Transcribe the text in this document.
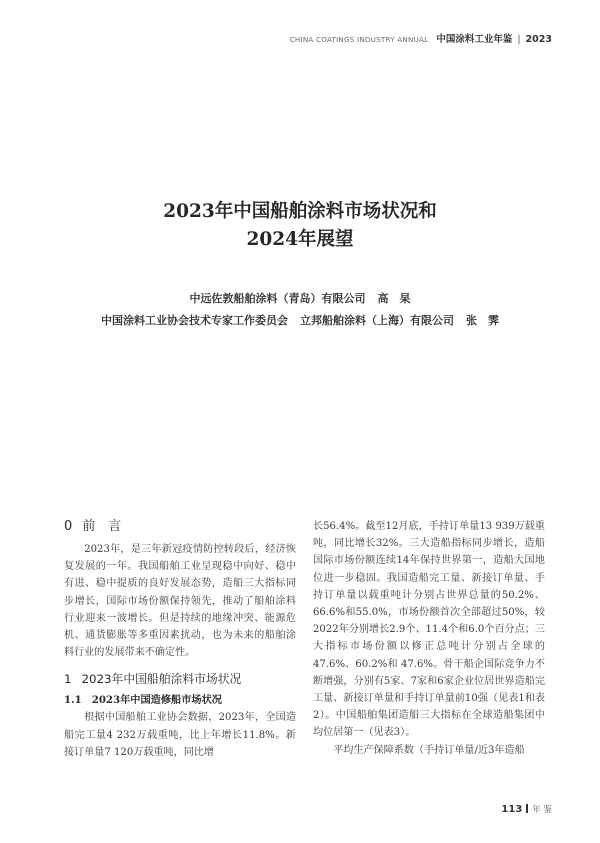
CHINA COATINGS INDUSTRY ANNUAL 中国涂料工业年鉴 | 2023
2023年中国船舶涂料市场状况和
2024年展望
中远佐敦船舶涂料（青岛）有限公司 高　杲
中国涂料工业协会技术专家工作委员会 立邦船舶涂料（上海）有限公司 张　霁
0 前　言

2023年，是三年新冠疫情防控转段后，经济恢复发展的一年。我国船舶工业呈现稳中向好、稳中有进、稳中提质的良好发展态势，造船三大指标同步增长，国际市场份额保持领先，推动了船舶涂料行业迎来一波增长。但是持续的地缘冲突、能源危机、通货膨胀等多重因素扰动，也为未来的船舶涂料行业的发展带来不确定性。

1 2023年中国船舶涂料市场状况
1.1 2023年中国造修船市场状况

根据中国船舶工业协会数据，2023年，全国造船完工量4 232万载重吨，比上年增长11.8%。新接订单量7 120万载重吨，同比增

长56.4%。截至12月底，手持订单量13 939万载重吨，同比增长32%。三大造船指标同步增长，造船国际市场份额连续14年保持世界第一，造船大国地位进一步稳固。我国造船完工量、新接订单量、手持订单量以载重吨计分别占世界总量的50.2%、66.6%和55.0%，市场份额首次全部超过50%，较2022年分别增长2.9个、11.4个和6.0个百分点；三大指标市场份额以修正总吨计分别占全球的47.6%、60.2%和 47.6%。骨干船企国际竞争力不断增强，分别有5家、7家和6家企业位居世界造船完工量、新接订单量和手持订单量前10强（见表1和表2）。中国船舶集团造船三大指标在全球造船集团中均位居第一（见表3）。

平均生产保障系数（手持订单量/近3年造船

113 年 鉴
